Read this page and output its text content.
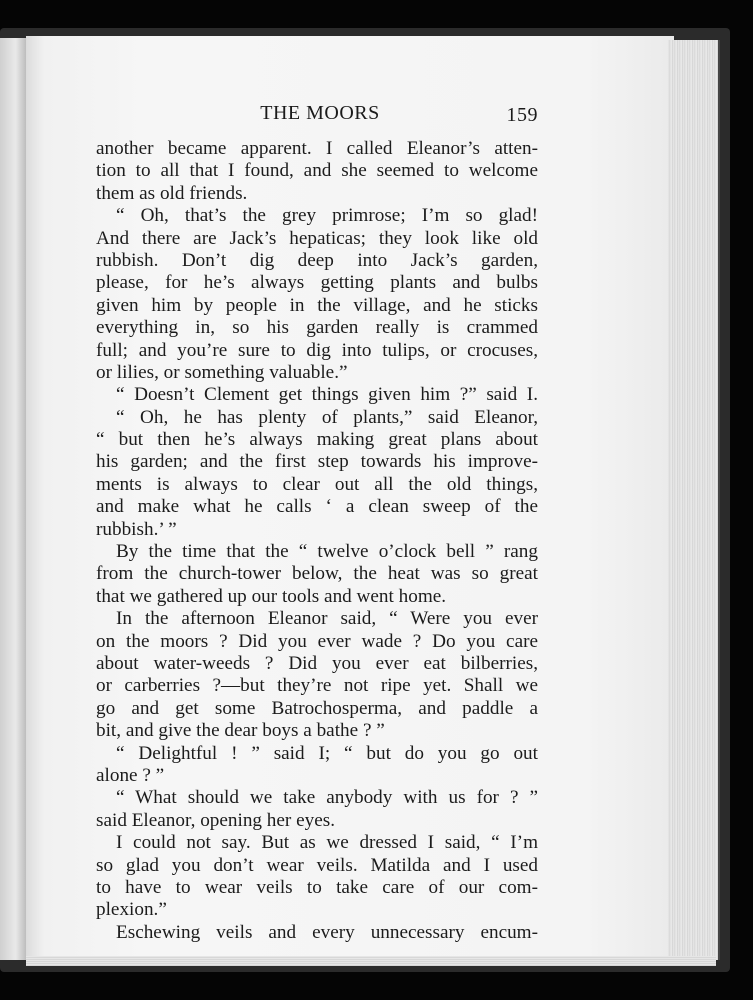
THE MOORS	159
another became apparent. I called Eleanor’s atten-
tion to all that I found, and she seemed to welcome
them as old friends.
“ Oh, that’s the grey primrose; I’m so glad!
And there are Jack’s hepaticas; they look like old
rubbish. Don’t dig deep into Jack’s garden,
please, for he’s always getting plants and bulbs
given him by people in the village, and he sticks
everything in, so his garden really is crammed
full; and you’re sure to dig into tulips, or crocuses,
or lilies, or something valuable.”
“ Doesn’t Clement get things given him ?” said I.
“ Oh, he has plenty of plants,” said Eleanor,
“ but then he’s always making great plans about
his garden; and the first step towards his improve-
ments is always to clear out all the old things,
and make what he calls ‘ a clean sweep of the
rubbish.’ ”
By the time that the “ twelve o’clock bell ” rang
from the church-tower below, the heat was so great
that we gathered up our tools and went home.
In the afternoon Eleanor said, “ Were you ever
on the moors ? Did you ever wade ? Do you care
about water-weeds ? Did you ever eat bilberries,
or carberries ?—but they’re not ripe yet. Shall we
go and get some Batrochosperma, and paddle a
bit, and give the dear boys a bathe ? ”
“ Delightful ! ” said I; “ but do you go out
alone ? ”
“ What should we take anybody with us for ? ”
said Eleanor, opening her eyes.
I could not say. But as we dressed I said, “ I’m
so glad you don’t wear veils. Matilda and I used
to have to wear veils to take care of our com-
plexion.”
Eschewing veils and every unnecessary encum-
